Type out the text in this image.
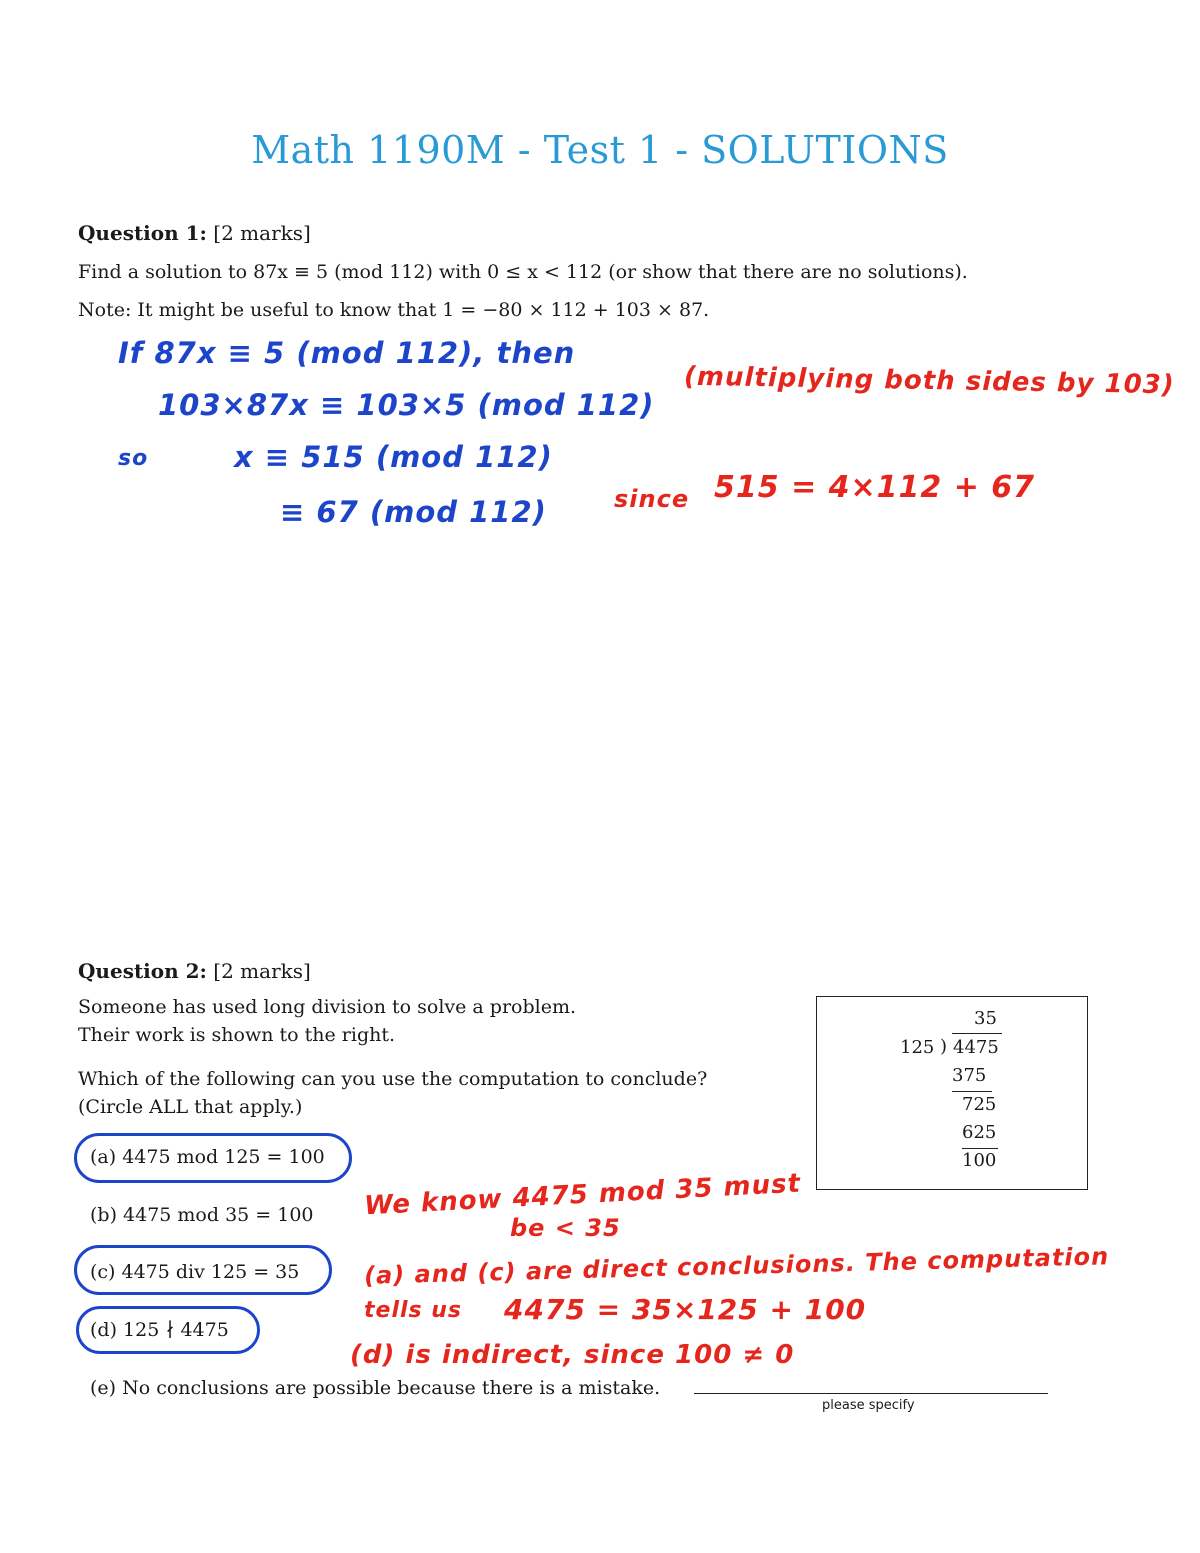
Math 1190M - Test 1 - SOLUTIONS
Question 1: [2 marks]
Find a solution to 87x ≡ 5 (mod 112) with 0 ≤ x < 112 (or show that there are no solutions).
Note: It might be useful to know that 1 = −80 × 112 + 103 × 87.
If 87x ≡ 5 (mod 112), then
103×87x ≡ 103×5 (mod 112)
(multiplying both sides by 103)
so	x ≡ 515 (mod 112)
≡ 67 (mod 112)	since 515 = 4×112 + 67
Question 2: [2 marks]
Someone has used long division to solve a problem.
Their work is shown to the right.
Which of the following can you use the computation to conclude?
(Circle ALL that apply.)
35
125 ) 4475
375
725
625
100
(a) 4475 mod 125 = 100
(b) 4475 mod 35 = 100
(c) 4475 div 125 = 35
(d) 125 ∤ 4475
(e) No conclusions are possible because there is a mistake.
please specify
We know 4475 mod 35 must
be < 35
(a) and (c) are direct conclusions. The computation
tells us 4475 = 35×125 + 100
(d) is indirect, since 100 ≠ 0
